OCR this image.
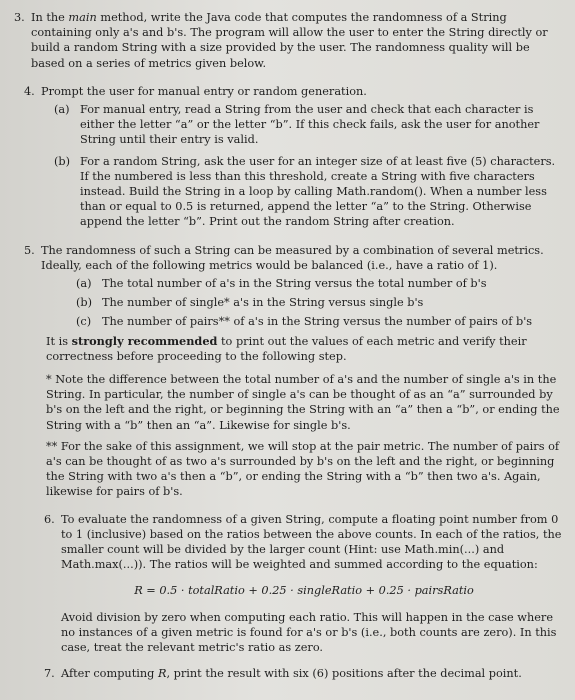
3. In the main method, write the Java code that computes the randomness of a String containing only a's and b's. The program will allow the user to enter the String directly or build a random String with a size provided by the user. The randomness quality will be based on a series of metrics given below.

4. Prompt the user for manual entry or random generation.

(a) For manual entry, read a String from the user and check that each character is either the letter “a” or the letter “b”. If this check fails, ask the user for another String until their entry is valid.

(b) For a random String, ask the user for an integer size of at least five (5) characters. If the numbered is less than this threshold, create a String with five characters instead. Build the String in a loop by calling Math.random(). When a number less than or equal to 0.5 is returned, append the letter “a” to the String. Otherwise append the letter “b”. Print out the random String after creation.

5. The randomness of such a String can be measured by a combination of several metrics. Ideally, each of the following metrics would be balanced (i.e., have a ratio of 1).

(a) The total number of a's in the String versus the total number of b's

(b) The number of single* a's in the String versus single b's

(c) The number of pairs** of a's in the String versus the number of pairs of b's

It is strongly recommended to print out the values of each metric and verify their correctness before proceeding to the following step.

* Note the difference between the total number of a's and the number of single a's in the String. In particular, the number of single a's can be thought of as an “a” surrounded by b's on the left and the right, or beginning the String with an “a” then a “b”, or ending the String with a “b” then an “a”. Likewise for single b's.

** For the sake of this assignment, we will stop at the pair metric. The number of pairs of a's can be thought of as two a's surrounded by b's on the left and the right, or beginning the String with two a's then a “b”, or ending the String with a “b” then two a's. Again, likewise for pairs of b's.

6. To evaluate the randomness of a given String, compute a floating point number from 0 to 1 (inclusive) based on the ratios between the above counts. In each of the ratios, the smaller count will be divided by the larger count (Hint: use Math.min(...) and Math.max(...)). The ratios will be weighted and summed according to the equation:

R = 0.5 · totalRatio + 0.25 · singleRatio + 0.25 · pairsRatio

Avoid division by zero when computing each ratio. This will happen in the case where no instances of a given metric is found for a's or b's (i.e., both counts are zero). In this case, treat the relevant metric's ratio as zero.

7. After computing R, print the result with six (6) positions after the decimal point.
